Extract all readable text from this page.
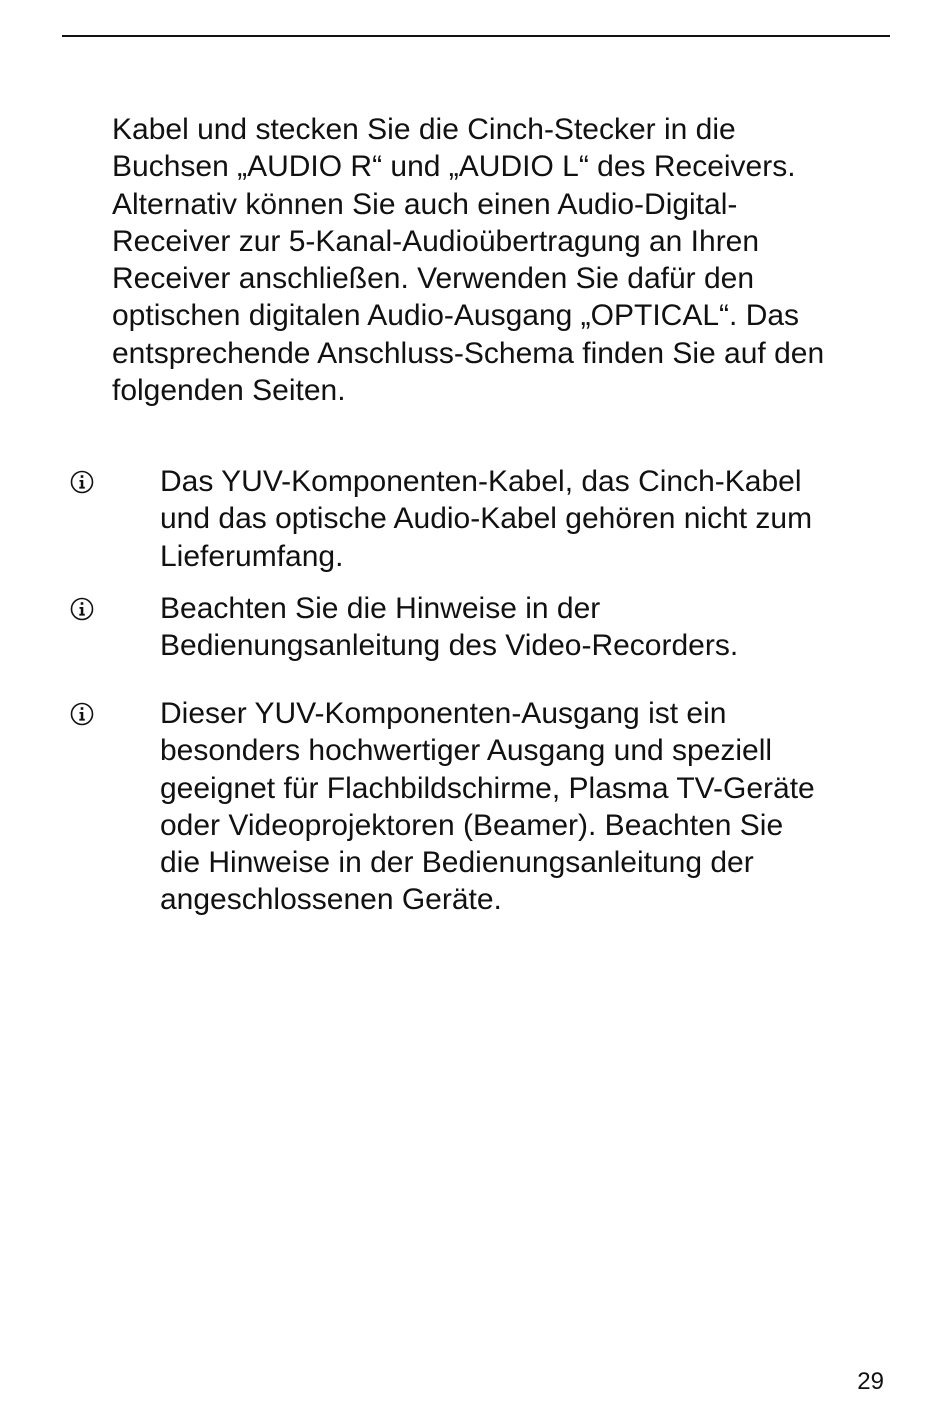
Kabel und stecken Sie die Cinch-Stecker in die
Buchsen „AUDIO R“ und „AUDIO L“ des Receivers.
Alternativ können Sie auch einen Audio-Digital-
Receiver zur 5-Kanal-Audioübertragung an Ihren
Receiver anschließen. Verwenden Sie dafür den
optischen digitalen Audio-Ausgang „OPTICAL“. Das
entsprechende Anschluss-Schema finden Sie auf den
folgenden Seiten.

Das YUV-Komponenten-Kabel, das Cinch-Kabel
und das optische Audio-Kabel gehören nicht zum
Lieferumfang.

Beachten Sie die Hinweise in der
Bedienungsanleitung des Video-Recorders.

Dieser YUV-Komponenten-Ausgang ist ein
besonders hochwertiger Ausgang und speziell
geeignet für Flachbildschirme, Plasma TV-Geräte
oder Videoprojektoren (Beamer). Beachten Sie
die Hinweise in der Bedienungsanleitung der
angeschlossenen Geräte.

29
